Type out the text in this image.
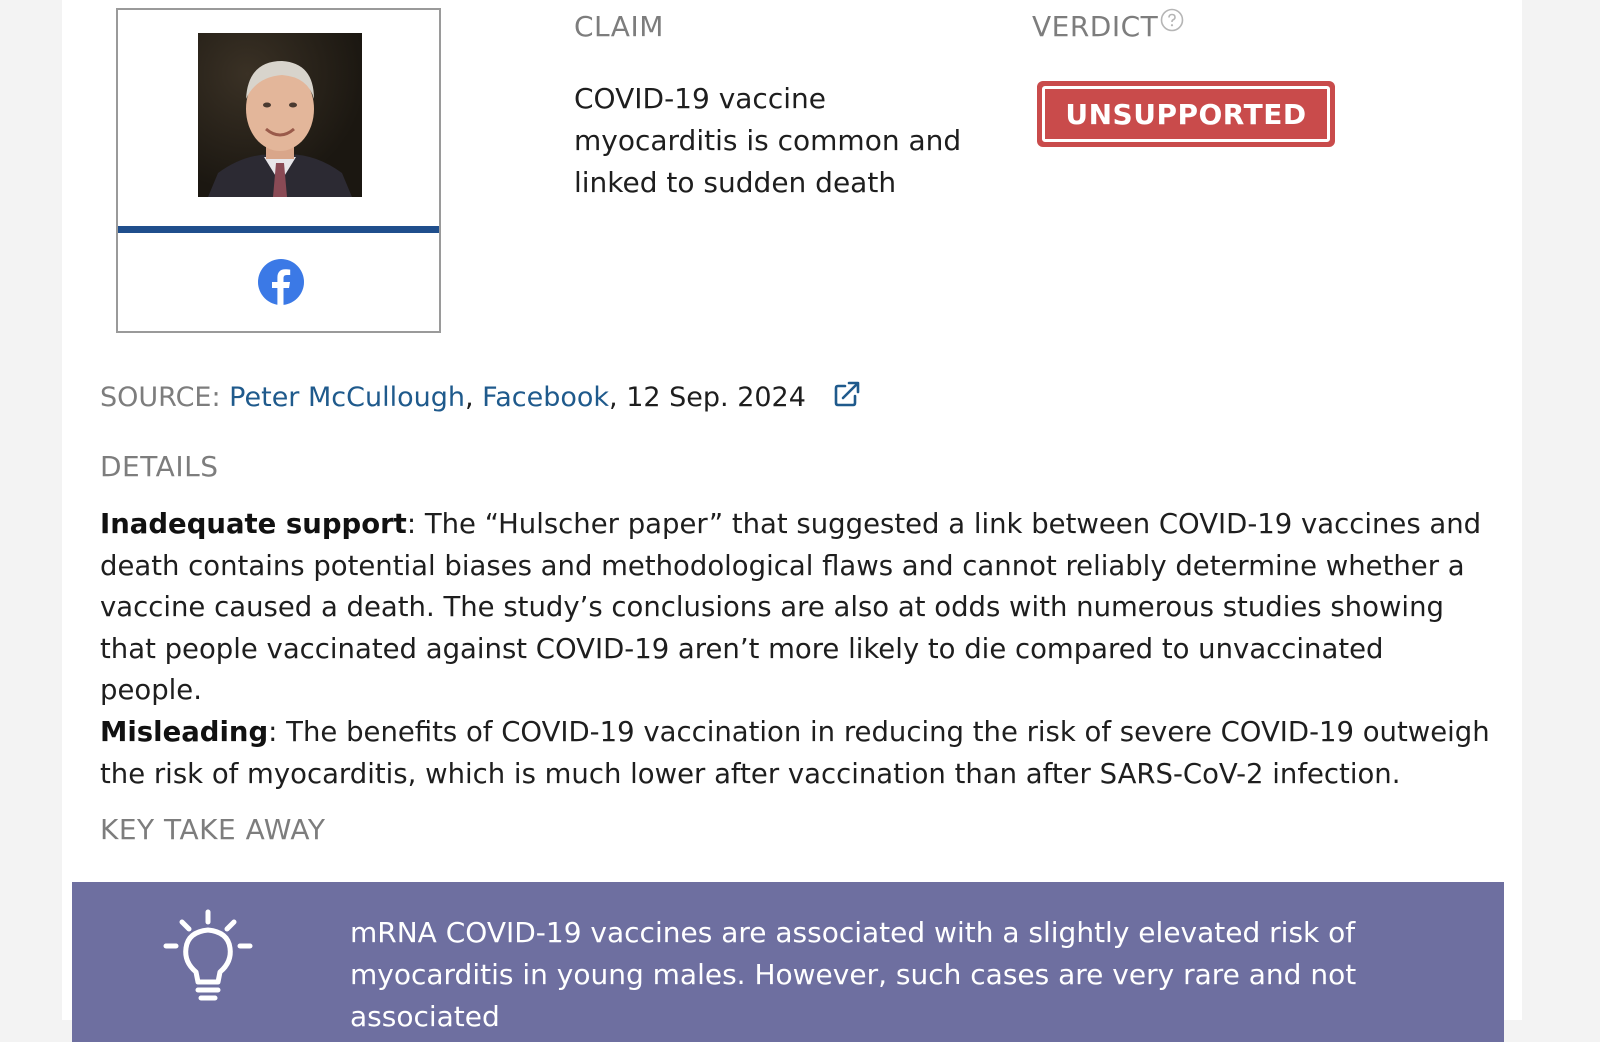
CLAIM
COVID-19 vaccine myocarditis is common and linked to sudden death
VERDICT
UNSUPPORTED
SOURCE: Peter McCullough, Facebook, 12 Sep. 2024
DETAILS
Inadequate support: The “Hulscher paper” that suggested a link between COVID-19 vaccines and death contains potential biases and methodological flaws and cannot reliably determine whether a vaccine caused a death. The study’s conclusions are also at odds with numerous studies showing that people vaccinated against COVID-19 aren’t more likely to die compared to unvaccinated people.
Misleading: The benefits of COVID-19 vaccination in reducing the risk of severe COVID-19 outweigh the risk of myocarditis, which is much lower after vaccination than after SARS-CoV-2 infection.
KEY TAKE AWAY
mRNA COVID-19 vaccines are associated with a slightly elevated risk of myocarditis in young males. However, such cases are very rare and not associated
